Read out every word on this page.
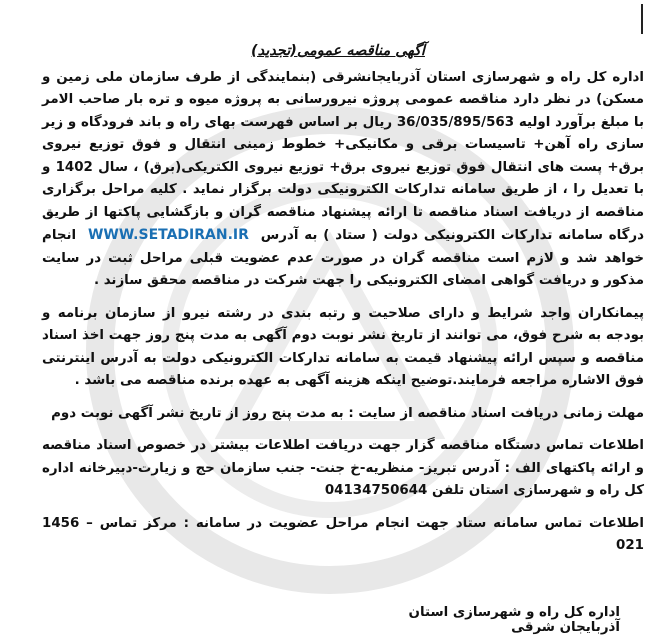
آگهی مناقصه عمومی(تجدید)

اداره کل راه و شهرسازی استان آذربایجانشرقی (بنمایندگی از طرف سازمان ملی زمین و مسکن) در نظر دارد مناقصه عمومی پروژه نیرورسانی به پروژه میوه و تره بار صاحب الامر با مبلغ برآورد اولیه 36/035/895/563 ریال بر اساس فهرست بهای راه و باند فرودگاه و زیر سازی راه آهن+ تاسیسات برقی و مکانیکی+ خطوط زمینی انتقال و فوق توزیع نیروی برق+ پست های انتقال فوق توزیع نیروی برق+ توزیع نیروی الکتریکی(برق) ، سال 1402 و با تعدیل را ، از طریق سامانه تدارکات الکترونیکی دولت برگزار نماید . کلیه مراحل برگزاری مناقصه از دریافت اسناد مناقصه تا ارائه پیشنهاد مناقصه گران و بازگشایی پاکتها از طریق درگاه سامانه تدارکات الکترونیکی دولت ( ستاد ) به آدرس WWW.SETADIRAN.IR انجام خواهد شد و لازم است مناقصه گران در صورت عدم عضویت قبلی مراحل ثبت در سایت مذکور و دریافت گواهی امضای الکترونیکی را جهت شرکت در مناقصه محقق سازند .

پیمانکاران واجد شرایط و دارای صلاحیت و رتبه بندی در رشته نیرو از سازمان برنامه و بودجه به شرح فوق، می توانند از تاریخ نشر نوبت دوم آگهی به مدت پنج روز جهت اخذ اسناد مناقصه و سپس ارائه پیشنهاد قیمت به سامانه تدارکات الکترونیکی دولت به آدرس اینترنتی فوق الاشاره مراجعه فرمایند.توضیح اینکه هزینه آگهی به عهده برنده مناقصه می باشد .

مهلت زمانی دریافت اسناد مناقصه از سایت : به مدت پنج روز از تاریخ نشر آگهی نوبت دوم

اطلاعات تماس دستگاه مناقصه گزار جهت دریافت اطلاعات بیشتر در خصوص اسناد مناقصه و ارائه پاکتهای الف : آدرس تبریز- منظریه-خ جنت- جنب سازمان حج و زیارت-دبیرخانه اداره کل راه و شهرسازی استان تلفن 04134750644

اطلاعات تماس سامانه ستاد جهت انجام مراحل عضویت در سامانه : مرکز تماس 1456 – 021

اداره کل راه و شهرسازی استان آذربایجان شرقی
